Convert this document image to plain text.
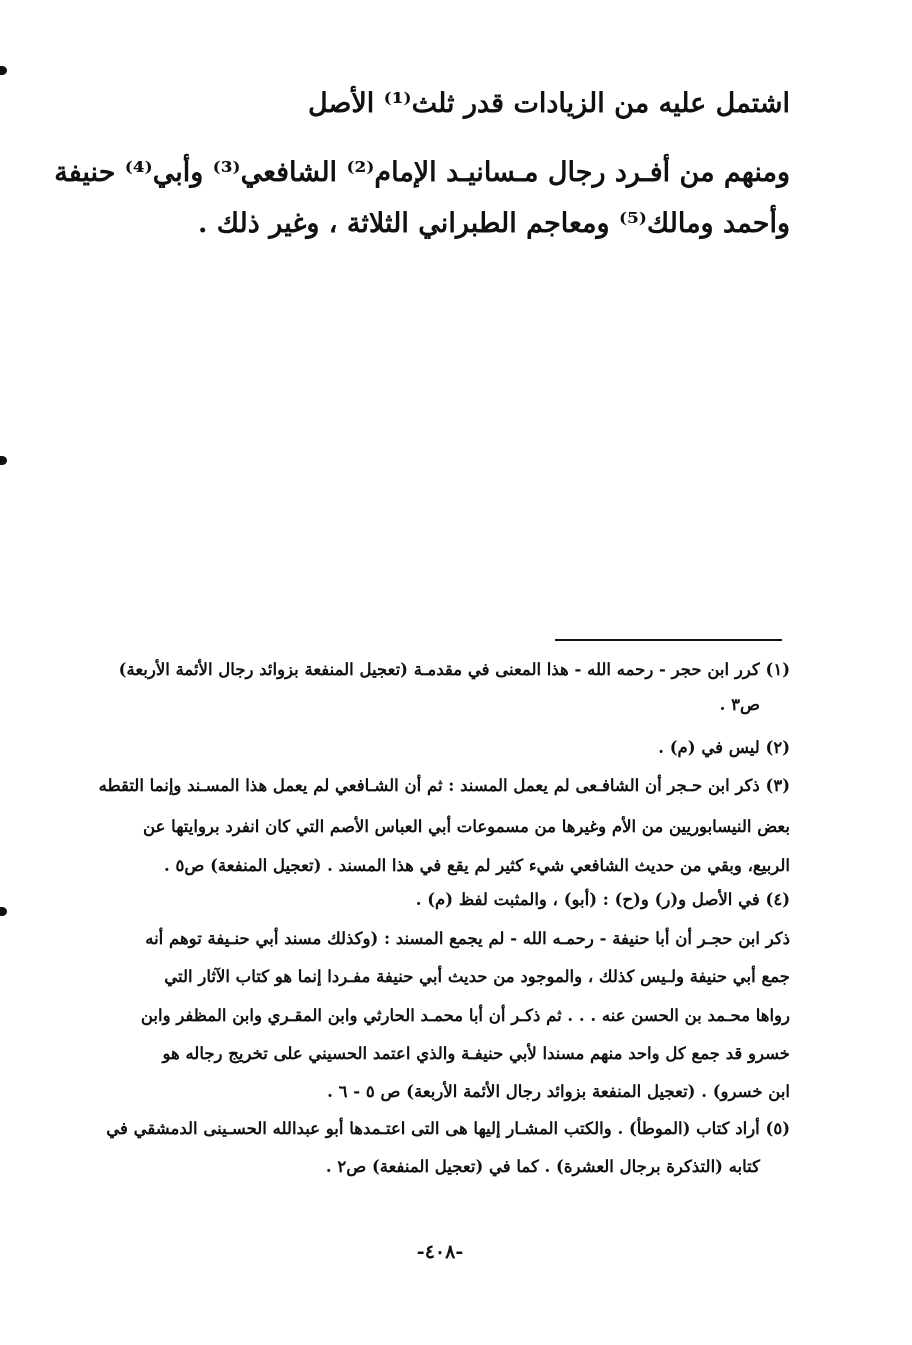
اشتمل عليه من الزيادات قدر ثلث⁽¹⁾ الأصل

ومنهم من أفـرد رجال مـسانيـد الإمام⁽²⁾ الشافعي⁽³⁾ وأبي⁽⁴⁾ حنيفة

وأحمد ومالك⁽⁵⁾ ومعاجم الطبراني الثلاثة ، وغير ذلك .

(١) كرر ابن حجر - رحمه الله - هذا المعنى في مقدمـة (تعجيل المنفعة بزوائد رجال الأئمة الأربعة)
ص٣ .
(٢) ليس في (م) .
(٣) ذكر ابن حـجر أن الشافـعى لم يعمل المسند : ثم أن الشـافعي لم يعمل هذا المسـند وإنما التقطه
بعض النيسابوريين من الأم وغيرها من مسموعات أبي العباس الأصم التي كان انفرد بروايتها عن
الربيع، وبقي من حديث الشافعي شيء كثير لم يقع في هذا المسند . (تعجيل المنفعة) ص٥ .
(٤) في الأصل و(ر) و(ح) : (أبو) ، والمثبت لفظ (م) .
ذكر ابن حجـر أن أبا حنيفة - رحمـه الله - لم يجمع المسند : (وكذلك مسند أبي حنـيفة توهم أنه
جمع أبي حنيفة ولـيس كذلك ، والموجود من حديث أبي حنيفة مفـردا إنما هو كتاب الآثار التي
رواها محـمد بن الحسن عنه . . . ثم ذكـر أن أبا محمـد الحارثي وابن المقـري وابن المظفر وابن
خسرو قد جمع كل واحد منهم مسندا لأبي حنيفـة والذي اعتمد الحسيني على تخريج رجاله هو
ابن خسرو) . (تعجيل المنفعة بزوائد رجال الأئمة الأربعة) ص ٥ - ٦ .
(٥) أراد كتاب (الموطأ) . والكتب المشـار إليها هى التى اعتـمدها أبو عبدالله الحسـينى الدمشقي في
كتابه (التذكرة برجال العشرة) . كما في (تعجيل المنفعة) ص٢ .
-٤٠٨-
